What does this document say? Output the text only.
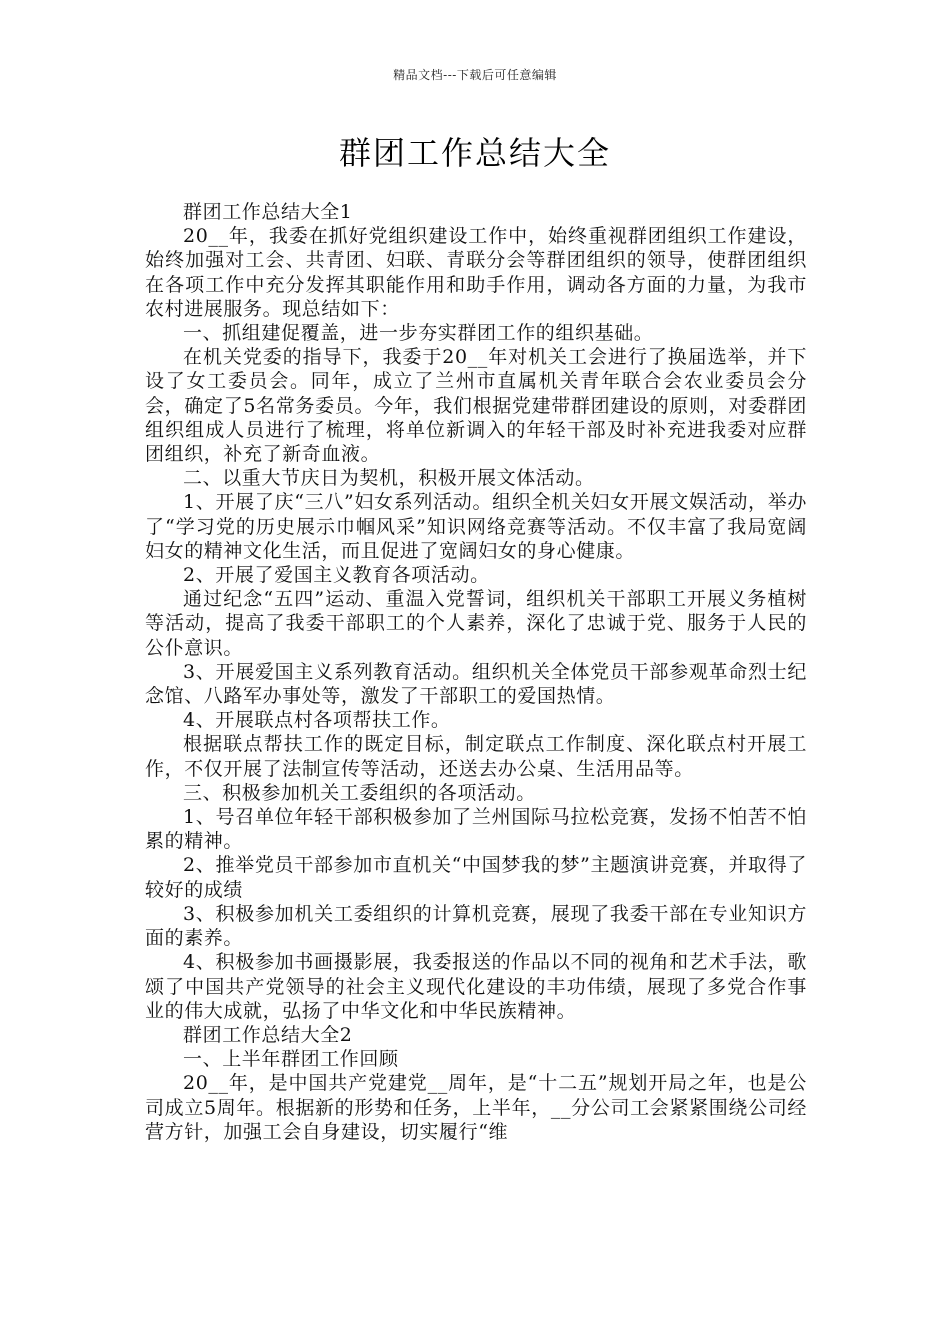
精品文档---下载后可任意编辑
群团工作总结大全

群团工作总结大全1

20__年，我委在抓好党组织建设工作中，始终重视群团组织工作建设，始终加强对工会、共青团、妇联、青联分会等群团组织的领导，使群团组织在各项工作中充分发挥其职能作用和助手作用，调动各方面的力量，为我市农村进展服务。现总结如下：

一、抓组建促覆盖，进一步夯实群团工作的组织基础。

在机关党委的指导下，我委于20__年对机关工会进行了换届选举，并下设了女工委员会。同年，成立了兰州市直属机关青年联合会农业委员会分会，确定了5名常务委员。今年，我们根据党建带群团建设的原则，对委群团组织组成人员进行了梳理，将单位新调入的年轻干部及时补充进我委对应群团组织，补充了新奇血液。

二、以重大节庆日为契机，积极开展文体活动。

1、开展了庆“三八”妇女系列活动。组织全机关妇女开展文娱活动，举办了“学习党的历史展示巾帼风采”知识网络竞赛等活动。不仅丰富了我局宽阔妇女的精神文化生活，而且促进了宽阔妇女的身心健康。

2、开展了爱国主义教育各项活动。

通过纪念“五四”运动、重温入党誓词，组织机关干部职工开展义务植树等活动，提高了我委干部职工的个人素养，深化了忠诚于党、服务于人民的公仆意识。

3、开展爱国主义系列教育活动。组织机关全体党员干部参观革命烈士纪念馆、八路军办事处等，激发了干部职工的爱国热情。

4、开展联点村各项帮扶工作。

根据联点帮扶工作的既定目标，制定联点工作制度、深化联点村开展工作，不仅开展了法制宣传等活动，还送去办公桌、生活用品等。

三、积极参加机关工委组织的各项活动。

1、号召单位年轻干部积极参加了兰州国际马拉松竞赛，发扬不怕苦不怕累的精神。

2、推举党员干部参加市直机关“中国梦我的梦”主题演讲竞赛，并取得了较好的成绩

3、积极参加机关工委组织的计算机竞赛，展现了我委干部在专业知识方面的素养。

4、积极参加书画摄影展，我委报送的作品以不同的视角和艺术手法，歌颂了中国共产党领导的社会主义现代化建设的丰功伟绩，展现了多党合作事业的伟大成就，弘扬了中华文化和中华民族精神。

群团工作总结大全2

一、上半年群团工作回顾

20__年，是中国共产党建党__周年，是“十二五”规划开局之年，也是公司成立5周年。根据新的形势和任务，上半年，__分公司工会紧紧围绕公司经营方针，加强工会自身建设，切实履行“维
